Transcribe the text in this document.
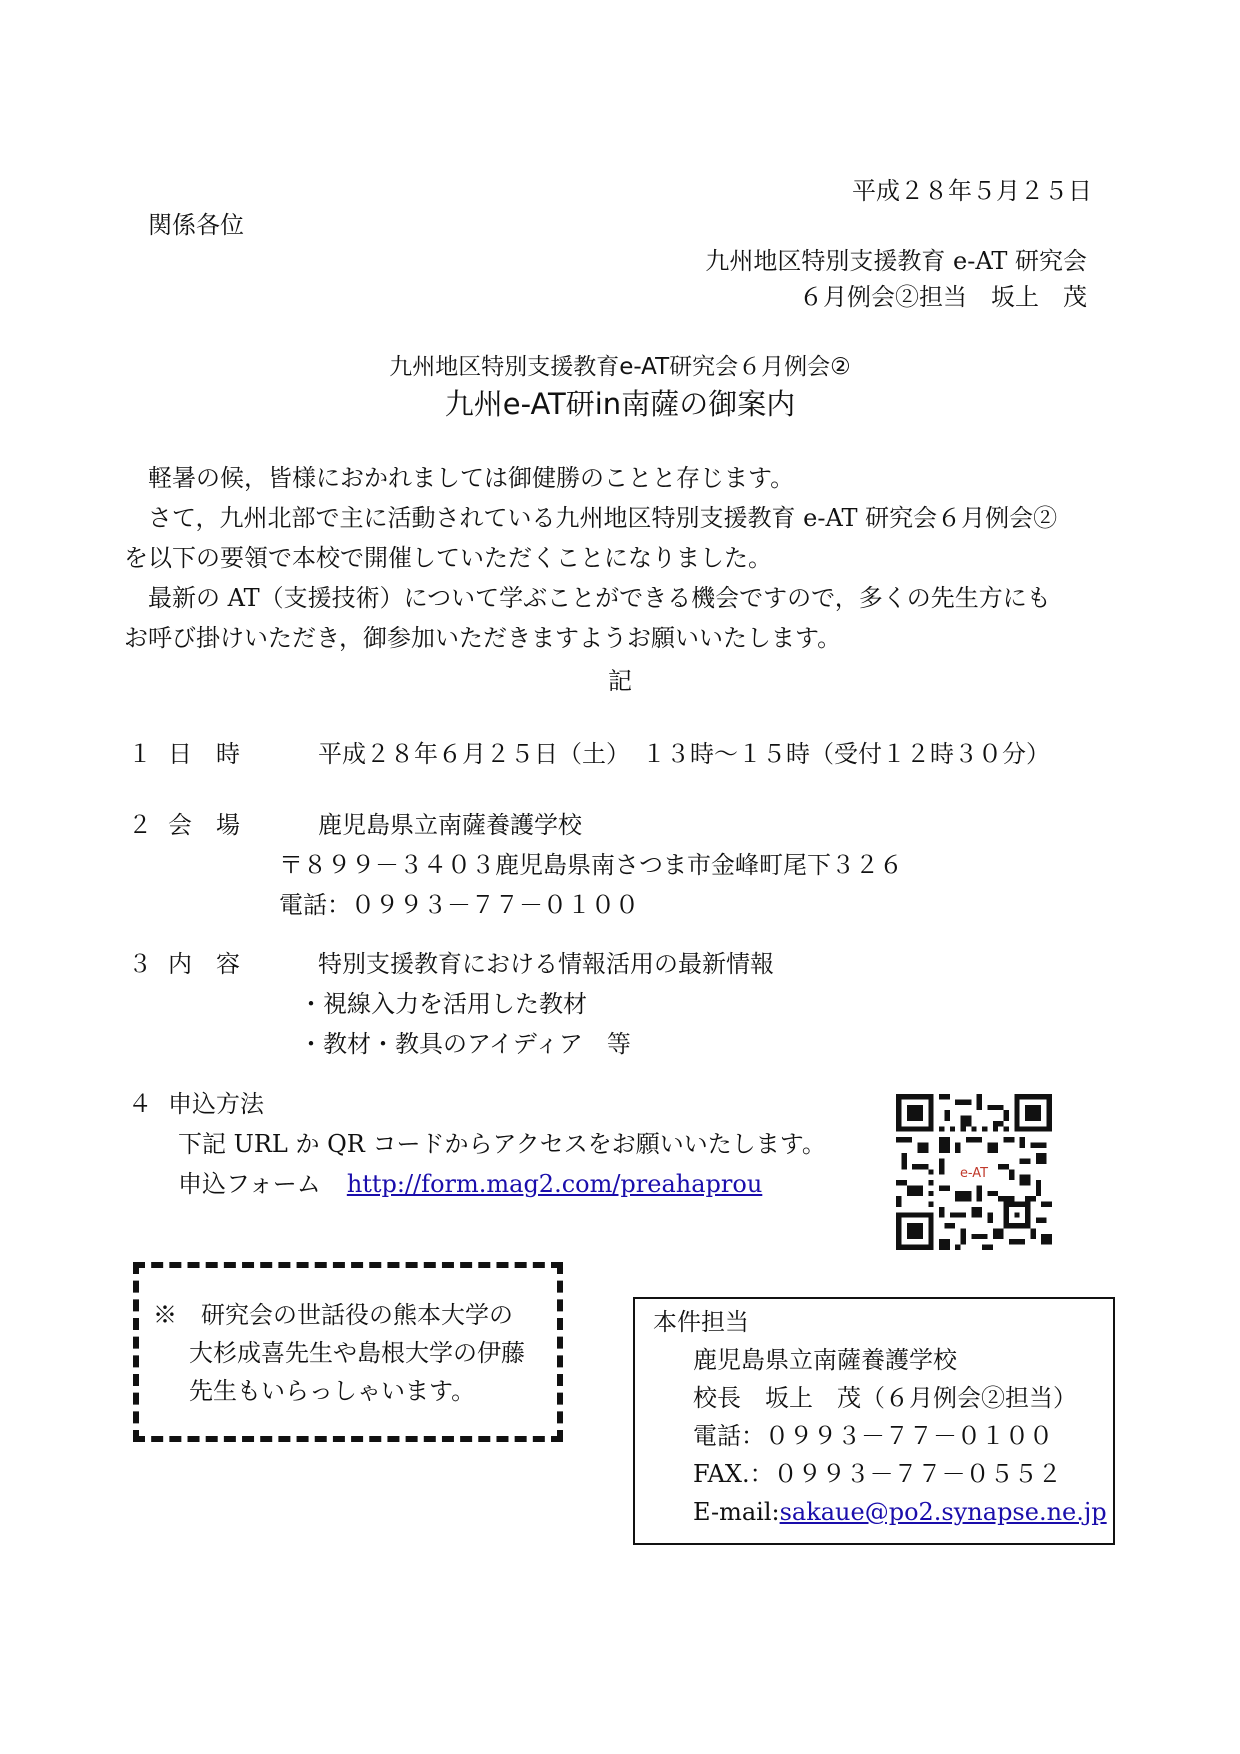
平成２８年５月２５日
関係各位
九州地区特別支援教育 e-AT 研究会
６月例会②担当　坂上　茂
九州地区特別支援教育e-AT研究会６月例会②
九州e-AT研in南薩の御案内

軽暑の候，皆様におかれましては御健勝のことと存じます。

さて，九州北部で主に活動されている九州地区特別支援教育 e-AT 研究会６月例会②

を以下の要領で本校で開催していただくことになりました。

最新の AT（支援技術）について学ぶことができる機会ですので，多くの先生方にも

お呼び掛けいただき，御参加いただきますようお願いいたします。

記
１ 日　時	平成２８年６月２５日（土）　１３時～１５時（受付１２時３０分）
２ 会　場	鹿児島県立南薩養護学校
〒８９９－３４０３鹿児島県南さつま市金峰町尾下３２６
電話：０９９３－７７－０１００
３ 内　容	特別支援教育における情報活用の最新情報
・視線入力を活用した教材
・教材・教具のアイディア　等
４ 申込方法
下記 URL か QR コードからアクセスをお願いいたします。
申込フォーム http://form.mag2.com/preahaprou	e-AT
※　研究会の世話役の熊本大学の
大杉成喜先生や島根大学の伊藤
先生もいらっしゃいます。
本件担当
鹿児島県立南薩養護学校
校長　坂上　茂（６月例会②担当）
電話：０９９３－７７－０１００
FAX.：０９９３－７７－０５５２
E-mail:sakaue@po2.synapse.ne.jp
